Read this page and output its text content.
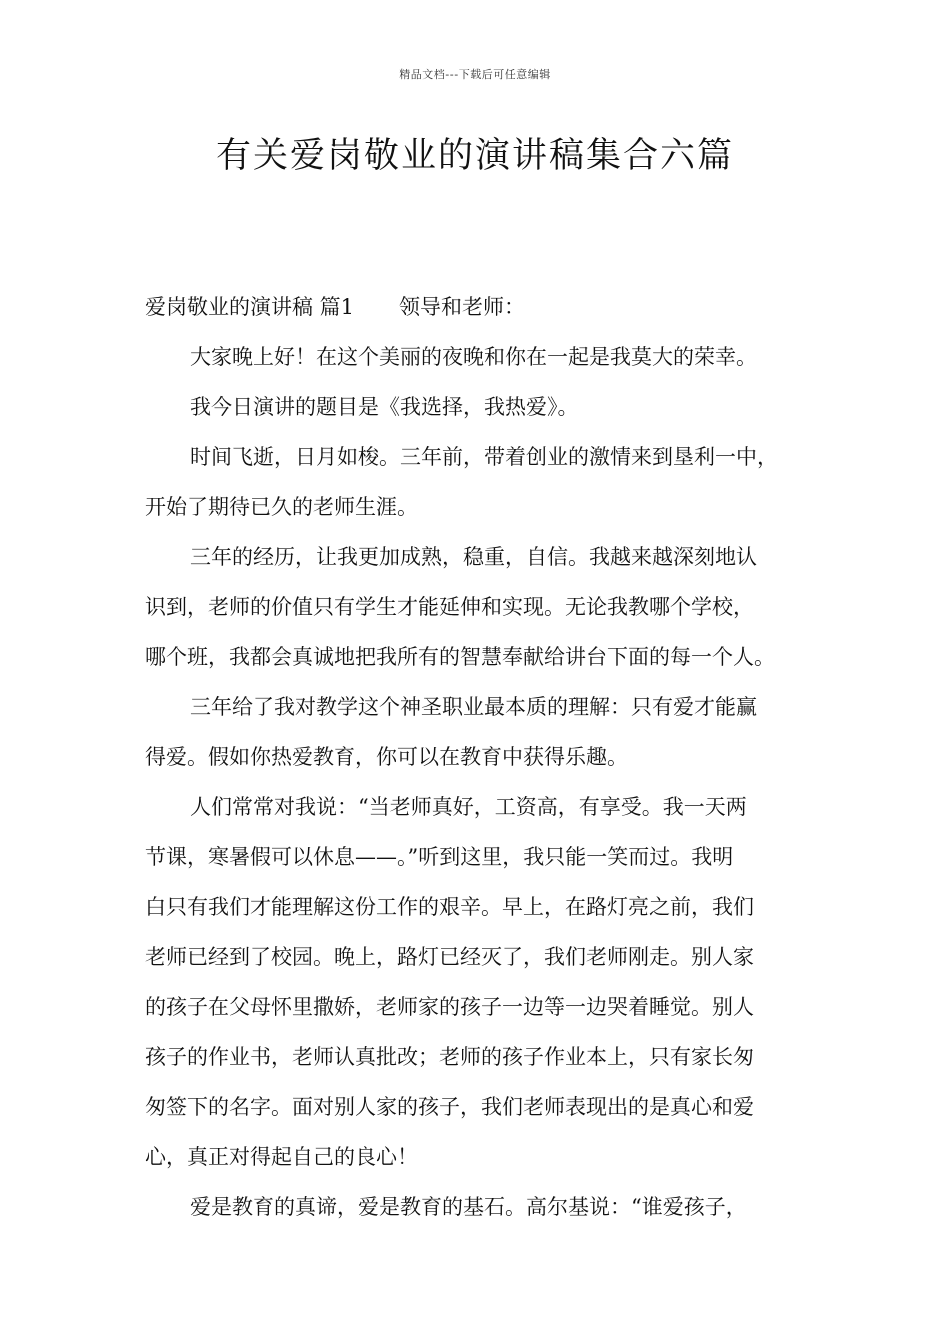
精品文档---下载后可任意编辑
有关爱岗敬业的演讲稿集合六篇
爱岗敬业的演讲稿 篇1 领导和老师：
大家晚上好！在这个美丽的夜晚和你在一起是我莫大的荣幸。
我今日演讲的题目是《我选择，我热爱》。
时间飞逝，日月如梭。三年前，带着创业的激情来到垦利一中，
开始了期待已久的老师生涯。
三年的经历，让我更加成熟，稳重，自信。我越来越深刻地认
识到，老师的价值只有学生才能延伸和实现。无论我教哪个学校，
哪个班，我都会真诚地把我所有的智慧奉献给讲台下面的每一个人。
三年给了我对教学这个神圣职业最本质的理解：只有爱才能赢
得爱。假如你热爱教育，你可以在教育中获得乐趣。
人们常常对我说：“当老师真好，工资高，有享受。我一天两
节课，寒暑假可以休息——。”听到这里，我只能一笑而过。我明
白只有我们才能理解这份工作的艰辛。早上，在路灯亮之前，我们
老师已经到了校园。晚上，路灯已经灭了，我们老师刚走。别人家
的孩子在父母怀里撒娇，老师家的孩子一边等一边哭着睡觉。别人
孩子的作业书，老师认真批改；老师的孩子作业本上，只有家长匆
匆签下的名字。面对别人家的孩子，我们老师表现出的是真心和爱
心，真正对得起自己的良心！
爱是教育的真谛，爱是教育的基石。高尔基说：“谁爱孩子，
